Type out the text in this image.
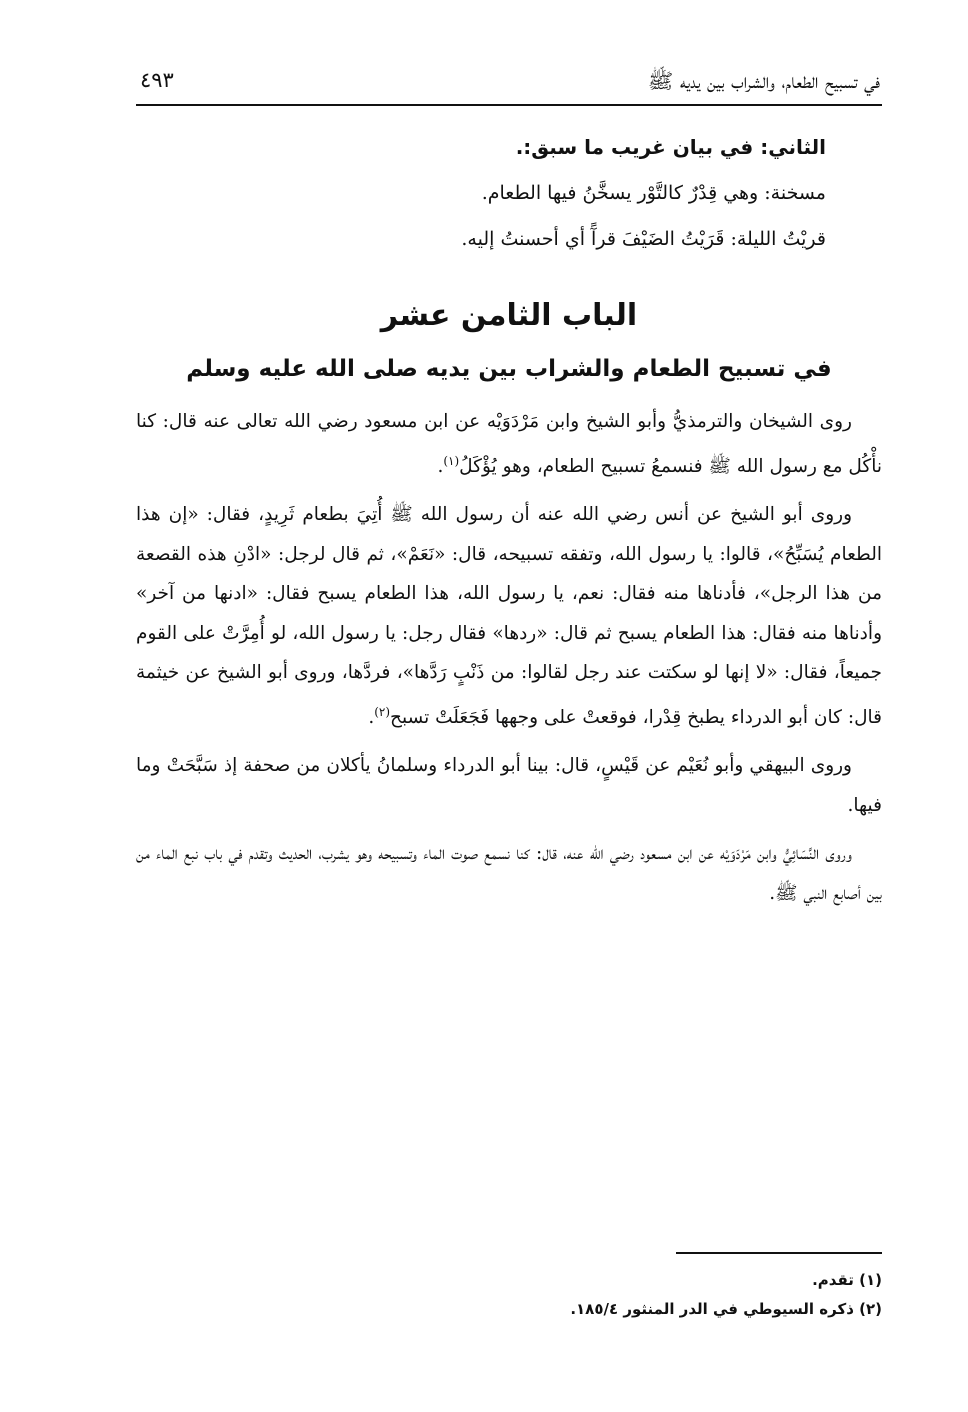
في تسبيح الطعام، والشراب بين يديه ﷺ
٤٩٣
الثاني: في بيان غريب ما سبق:.
مسخنة: وهي قِدْرٌ كالتَّوْر يسخَّنُ فيها الطعام.
قريْتُ الليلة: قَرَيْتُ الضَيْفَ قرآً أي أحسنتُ إليه.
الباب الثامن عشر
في تسبيح الطعام والشراب بين يديه صلى الله عليه وسلم

روى الشيخان والترمذيُّ وأبو الشيخ وابن مَرْدَوَيْه عن ابن مسعود رضي الله تعالى عنه قال: كنا نأْكُل مع رسول الله ﷺ فنسمعُ تسبيح الطعام، وهو يُؤْكَلُ$^{(١)}$.

وروى أبو الشيخ عن أنس رضي الله عنه أن رسول الله ﷺ أُتِيَ بطعام ثَرِيدٍ، فقال: «إن هذا الطعام يُسَبِّحُ»، قالوا: يا رسول الله، وتفقه تسبيحه، قال: «نَعَمْ»، ثم قال لرجل: «ادْنِ هذه القصعة من هذا الرجل»، فأدناها منه فقال: نعم، يا رسول الله، هذا الطعام يسبح فقال: «ادنها من آخر» وأدناها منه فقال: هذا الطعام يسبح ثم قال: «ردها» فقال رجل: يا رسول الله، لو أُمِرَّتْ على القوم جميعاً، فقال: «لا إنها لو سكتت عند رجل لقالوا: من ذَنْبٍ رَدَّها»، فردَّها، وروى أبو الشيخ عن خيثمة قال: كان أبو الدرداء يطبخ قِدْرا، فوقعتْ على وجهها فَجَعَلَتْ تسبح$^{(٢)}$.

وروى البيهقي وأبو نُعَيْم عن قَيْسٍ، قال: بينا أبو الدرداء وسلمانُ يأكلان من صحفة إذ سَبَّحَتْ وما فيها.

وروى النَّسَائِيُّ وابن مَرْدَوَيْه عن ابن مسعود رضي الله عنه، قال: كنا نسمع صوت الماء وتسبيحه وهو يشرب، الحديث وتقدم في باب نبع الماء من بين أصابع النبي ﷺ.

(١) تقدم.
(٢) ذكره السيوطي في الدر المنثور ١٨٥/٤.
